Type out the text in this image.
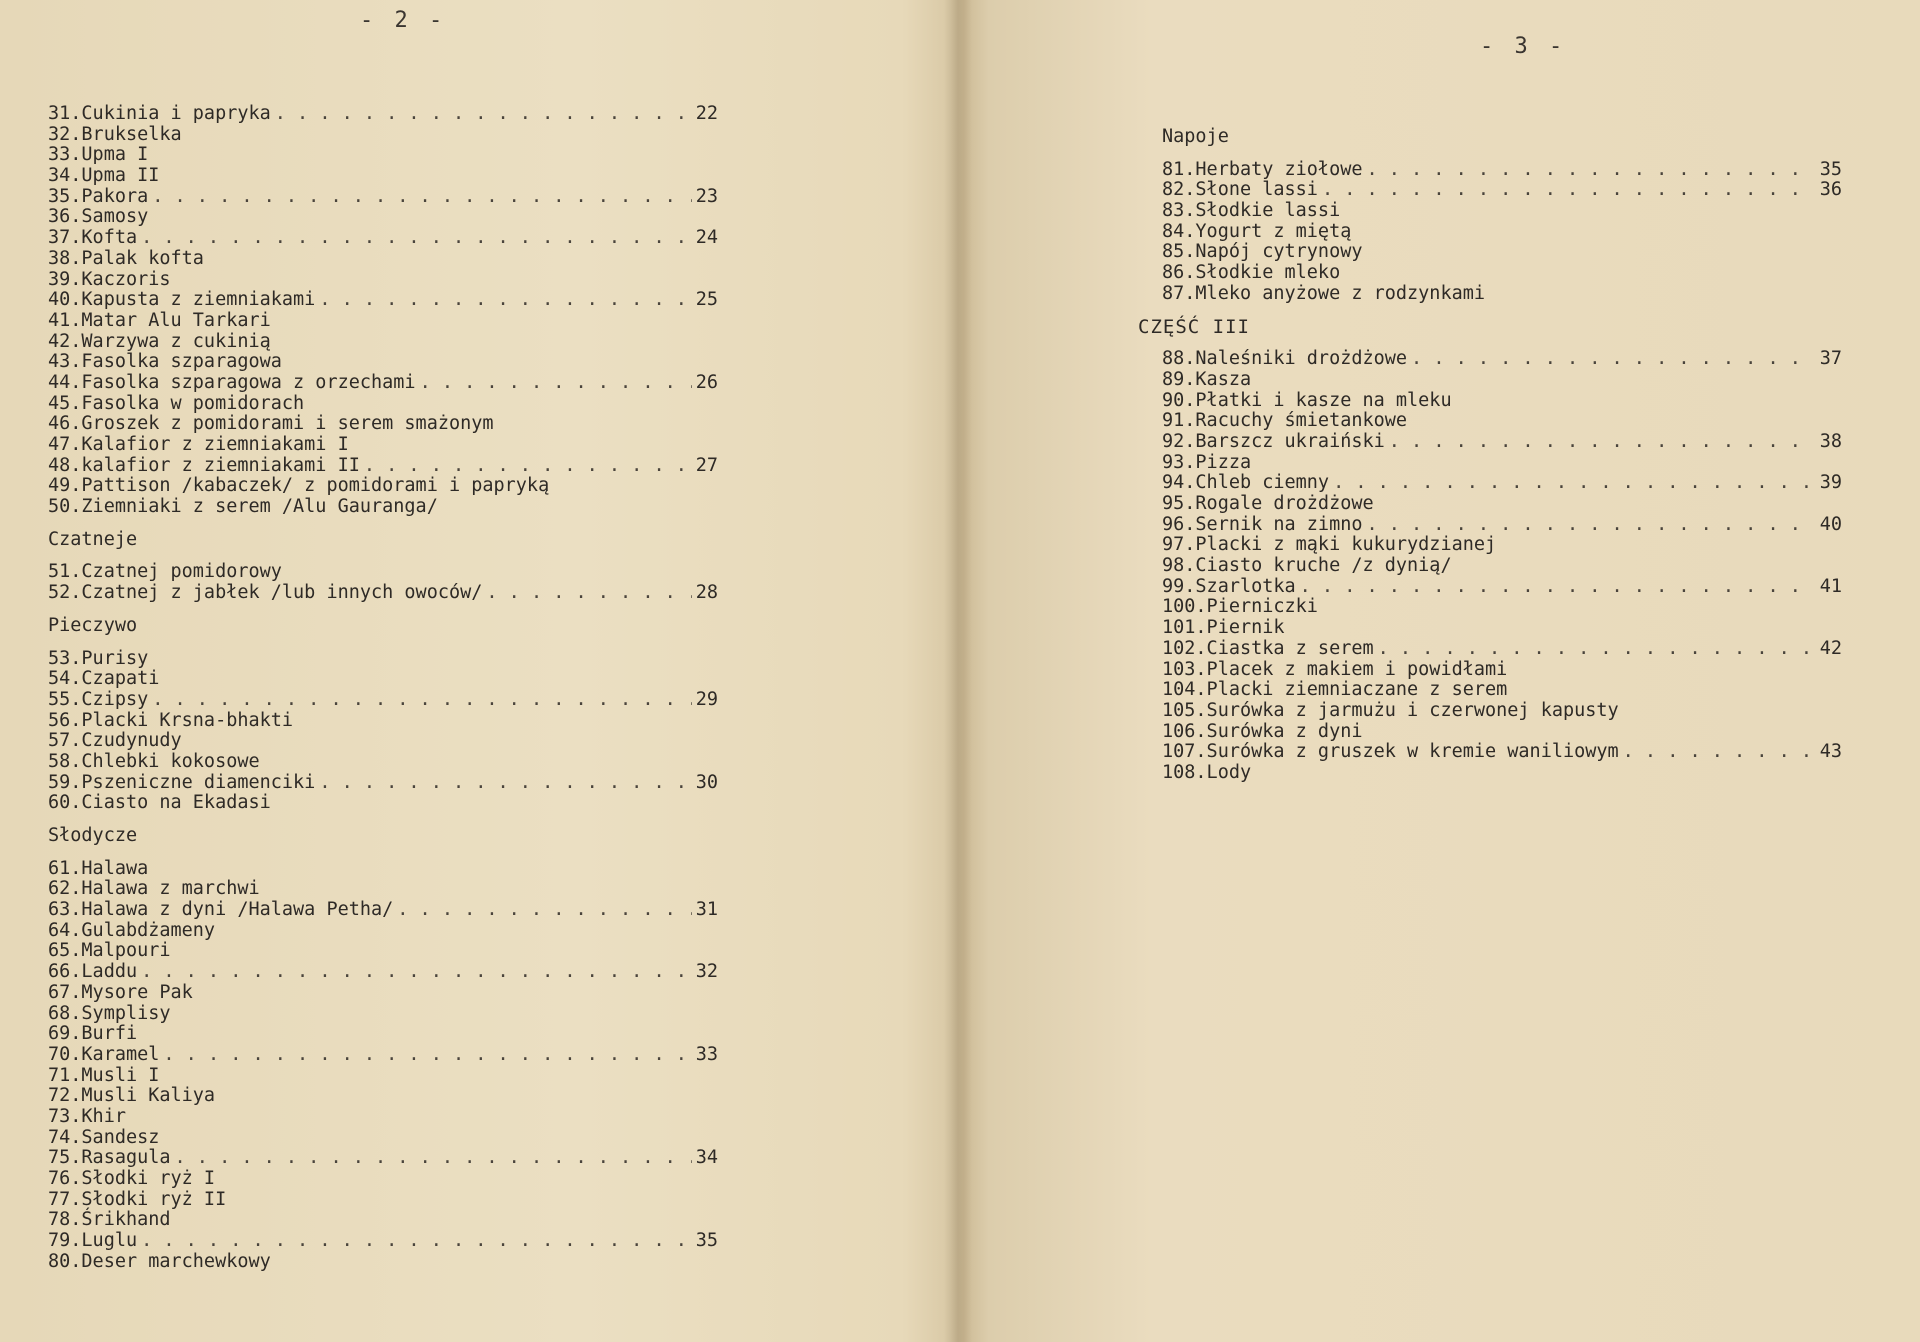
- 2 -
31.Cukinia i papryka . . .	22
32.Brukselka
33.Upma I
34.Upma II
35.Pakora . . .	23
36.Samosy
37.Kofta . . .	24
38.Palak kofta
39.Kaczoris
40.Kapusta z ziemniakami . . .	25
41.Matar Alu Tarkari
42.Warzywa z cukinią
43.Fasolka szparagowa
44.Fasolka szparagowa z orzechami . . .	26
45.Fasolka w pomidorach
46.Groszek z pomidorami i serem smażonym
47.Kalafior z ziemniakami I
48.kalafior z ziemniakami II . . .	27
49.Pattison /kabaczek/ z pomidorami i papryką
50.Ziemniaki z serem /Alu Gauranga/
Czatneje
51.Czatnej pomidorowy
52.Czatnej z jabłek /lub innych owoców/ . . .	28
Pieczywo
53.Purisy
54.Czapati
55.Czipsy . . .	29
56.Placki Krsna-bhakti
57.Czudynudy
58.Chlebki kokosowe
59.Pszeniczne diamenciki . . .	30
60.Ciasto na Ekadasi
Słodycze
61.Halawa
62.Halawa z marchwi
63.Halawa z dyni /Halawa Petha/ . . .	31
64.Gulabdżameny
65.Malpouri
66.Laddu . . .	32
67.Mysore Pak
68.Symplisy
69.Burfi
70.Karamel . . .	33
71.Musli I
72.Musli Kaliya
73.Khir
74.Sandesz
75.Rasagula . . .	34
76.Słodki ryż I
77.Słodki ryż II
78.Śrikhand
79.Luglu . . .	35
80.Deser marchewkowy
- 3 -
Napoje
81.Herbaty ziołowe . . .	35
82.Słone lassi . . .	36
83.Słodkie lassi
84.Yogurt z miętą
85.Napój cytrynowy
86.Słodkie mleko
87.Mleko anyżowe z rodzynkami
CZĘŚĆ III
88.Naleśniki drożdżowe . . .	37
89.Kasza
90.Płatki i kasze na mleku
91.Racuchy śmietankowe
92.Barszcz ukraiński . . .	38
93.Pizza
94.Chleb ciemny . . .	39
95.Rogale drożdżowe
96.Sernik na zimno . . .	40
97.Placki z mąki kukurydzianej
98.Ciasto kruche /z dynią/
99.Szarlotka . . .	41
100.Pierniczki
101.Piernik
102.Ciastka z serem . . .	42
103.Placek z makiem i powidłami
104.Placki ziemniaczane z serem
105.Surówka z jarmużu i czerwonej kapusty
106.Surówka z dyni
107.Surówka z gruszek w kremie waniliowym . . .	43
108.Lody
